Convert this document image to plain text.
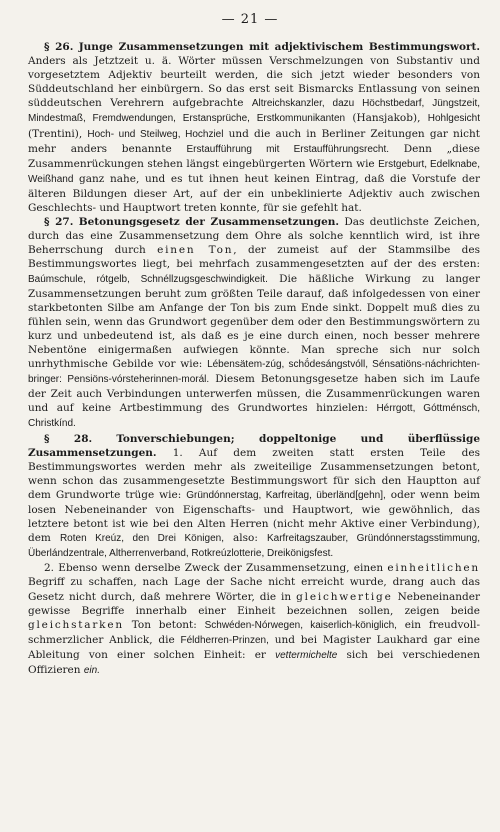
— 21 —

§ 26. Junge Zusammensetzungen mit adjektivischem Bestimmungswort. Anders als Jetztzeit u. ä. Wörter müssen Verschmelzungen von Substantiv und vorgesetztem Adjektiv beurteilt werden, die sich jetzt wieder besonders von Süddeutschland her einbürgern. So das erst seit Bismarcks Entlassung von seinen süddeutschen Verehrern aufgebrachte Altreichskanzler, dazu Höchstbedarf, Jüngstzeit, Mindestmaß, Fremdwendungen, Erstansprüche, Erstkommunikanten (Hansjakob), Hohlgesicht (Trentini), Hoch- und Steilweg, Hochziel und die auch in Berliner Zeitungen gar nicht mehr anders benannte Erstaufführung mit Erstaufführungsrecht. Denn „diese Zusammenrückungen stehen längst eingebürgerten Wörtern wie Erstgeburt, Edelknabe, Weißhand ganz nahe, und es tut ihnen heut keinen Eintrag, daß die Vorstufe der älteren Bildungen dieser Art, auf der ein unbeklinierte Adjektiv auch zwischen Geschlechts- und Hauptwort treten konnte, für sie gefehlt hat.

§ 27. Betonungsgesetz der Zusammensetzungen. Das deutlichste Zeichen, durch das eine Zusammensetzung dem Ohre als solche kenntlich wird, ist ihre Beherrschung durch einen Ton, der zumeist auf der Stammsilbe des Bestimmungswortes liegt, bei mehrfach zusammengesetzten auf der des ersten: Baúmschule, rótgelb, Schnéllzugsgeschwindigkeit. Die häßliche Wirkung zu langer Zusammensetzungen beruht zum größten Teile darauf, daß infolgedessen von einer starkbetonten Silbe am Anfange der Ton bis zum Ende sinkt. Doppelt muß dies zu fühlen sein, wenn das Grundwort gegenüber dem oder den Bestimmungswörtern zu kurz und unbedeutend ist, als daß es je eine durch einen, noch besser mehrere Nebentöne einigermaßen aufwiegen könnte. Man spreche sich nur solch unrhythmische Gebilde vor wie: Lébensätem-zúg, schö́desángstvóll, Sénsatiöns-náchrichten-bringer: Pensiöns-vórsteherinnen-morál. Diesem Betonungsgesetze haben sich im Laufe der Zeit auch Verbindungen unterwerfen müssen, die Zusammenrückungen waren und auf keine Artbestimmung des Grundwortes hinzielen: Hérrgott, Góttménsch, Christkínd.

§ 28. Tonverschiebungen; doppeltonige und überflüssige Zusammensetzungen. 1. Auf dem zweiten statt ersten Teile des Bestimmungswortes werden mehr als zweiteilige Zusammensetzungen betont, wenn schon das zusammengesetzte Bestimmungswort für sich den Hauptton auf dem Grundworte trüge wie: Gründónnerstag, Karfreitag, überländ[gehn], oder wenn beim losen Nebeneinander von Eigenschafts- und Hauptwort, wie gewöhnlich, das letztere betont ist wie bei den Alten Herren (nicht mehr Aktive einer Verbindung), dem Roten Kreúz, den Drei Königen, also: Karfreitagszauber, Gründónnerstagsstimmung, Überlándzentrale, Altherrenverband, Rotkreúzlotterie, Dreikönigsfest.

2. Ebenso wenn derselbe Zweck der Zusammensetzung, einen einheitlichen Begriff zu schaffen, nach Lage der Sache nicht erreicht wurde, drang auch das Gesetz nicht durch, daß mehrere Wörter, die in gleichwertige Nebeneinander gewisse Begriffe innerhalb einer Einheit bezeichnen sollen, zeigen beide gleichstarken Ton betont: Schwéden-Nórwegen, kaiserlich-königlich, ein freudvoll-schmerzlicher Anblick, die Féldherren-Prinzen, und bei Magister Laukhard gar eine Ableitung von einer solchen Einheit: er vettermichelte sich bei verschiedenen Offizieren ein.
